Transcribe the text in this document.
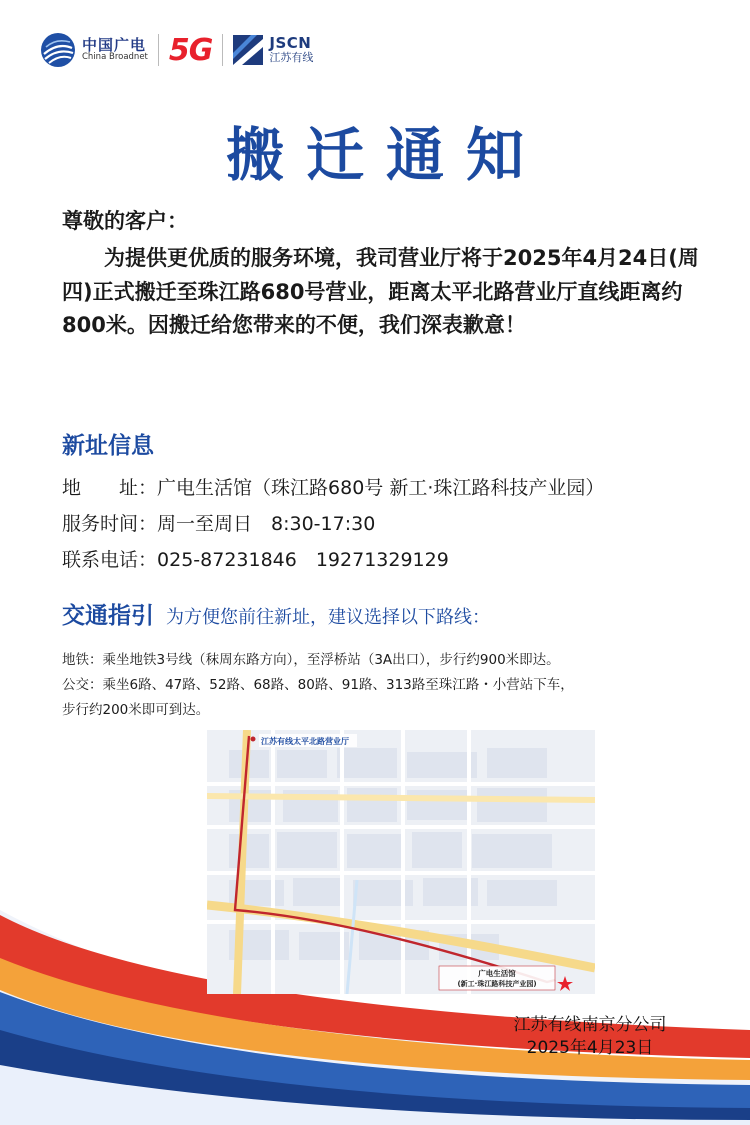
中国广电
China Broadnet 5G	JSCN
江苏有线
搬迁通知
尊敬的客户：
为提供更优质的服务环境，我司营业厅将于2025年4月24日(周四)正式搬迁至珠江路680号营业，距离太平北路营业厅直线距离约800米。因搬迁给您带来的不便，我们深表歉意！
新址信息
地　　址：广电生活馆（珠江路680号 新工·珠江路科技产业园）
服务时间：周一至周日　8:30-17:30
联系电话：025-87231846　19271329129
交通指引 为方便您前往新址，建议选择以下路线：
地铁：乘坐地铁3号线（秣周东路方向），至浮桥站（3A出口），步行约900米即达。
公交：乘坐6路、47路、52路、68路、80路、91路、313路至珠江路・小营站下车，
步行约200米即可到达。
江苏有线太平北路营业厅
广电生活馆
(新工·珠江路科技产业园)
江苏有线南京分公司
2025年4月23日
